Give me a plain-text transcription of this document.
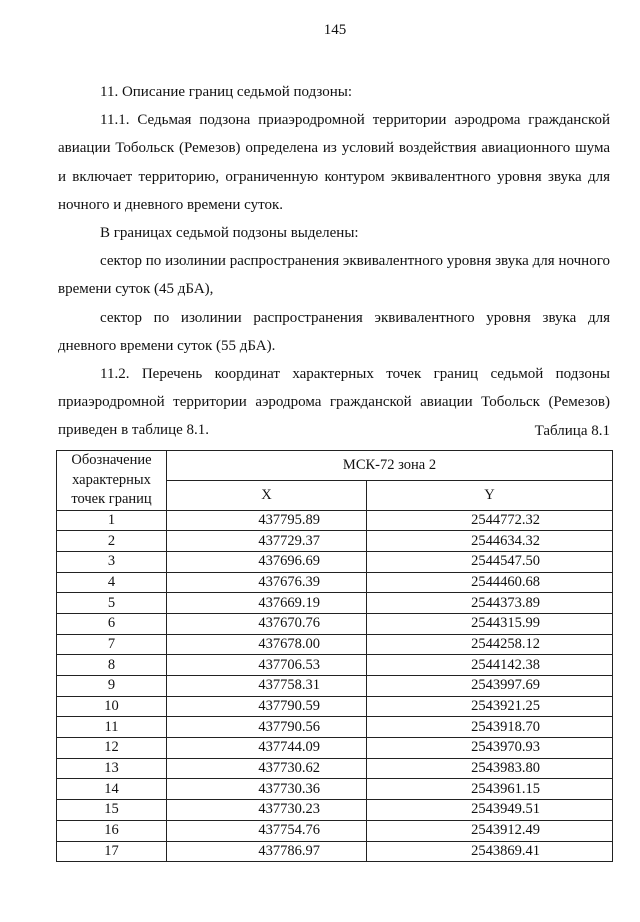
145

11. Описание границ седьмой подзоны:

11.1. Седьмая подзона приаэродромной территории аэродрома гражданской авиации Тобольск (Ремезов) определена из условий воздействия авиационного шума и включает территорию, ограниченную контуром эквивалентного уровня звука для ночного и дневного времени суток.

В границах седьмой подзоны выделены:

сектор по изолинии распространения эквивалентного уровня звука для ночного времени суток (45 дБА),

сектор по изолинии распространения эквивалентного уровня звука для дневного времени суток (55 дБА).

11.2. Перечень координат характерных точек границ седьмой подзоны приаэродромной территории аэродрома гражданской авиации Тобольск (Ремезов) приведен в таблице 8.1.	Таблица 8.1
Обозначение характерных точек границ	МСК-72 зона 2	
	X	Y
1	437795.89	2544772.32
2	437729.37	2544634.32
3	437696.69	2544547.50
4	437676.39	2544460.68
5	437669.19	2544373.89
6	437670.76	2544315.99
7	437678.00	2544258.12
8	437706.53	2544142.38
9	437758.31	2543997.69
10	437790.59	2543921.25
11	437790.56	2543918.70
12	437744.09	2543970.93
13	437730.62	2543983.80
14	437730.36	2543961.15
15	437730.23	2543949.51
16	437754.76	2543912.49
17	437786.97	2543869.41
